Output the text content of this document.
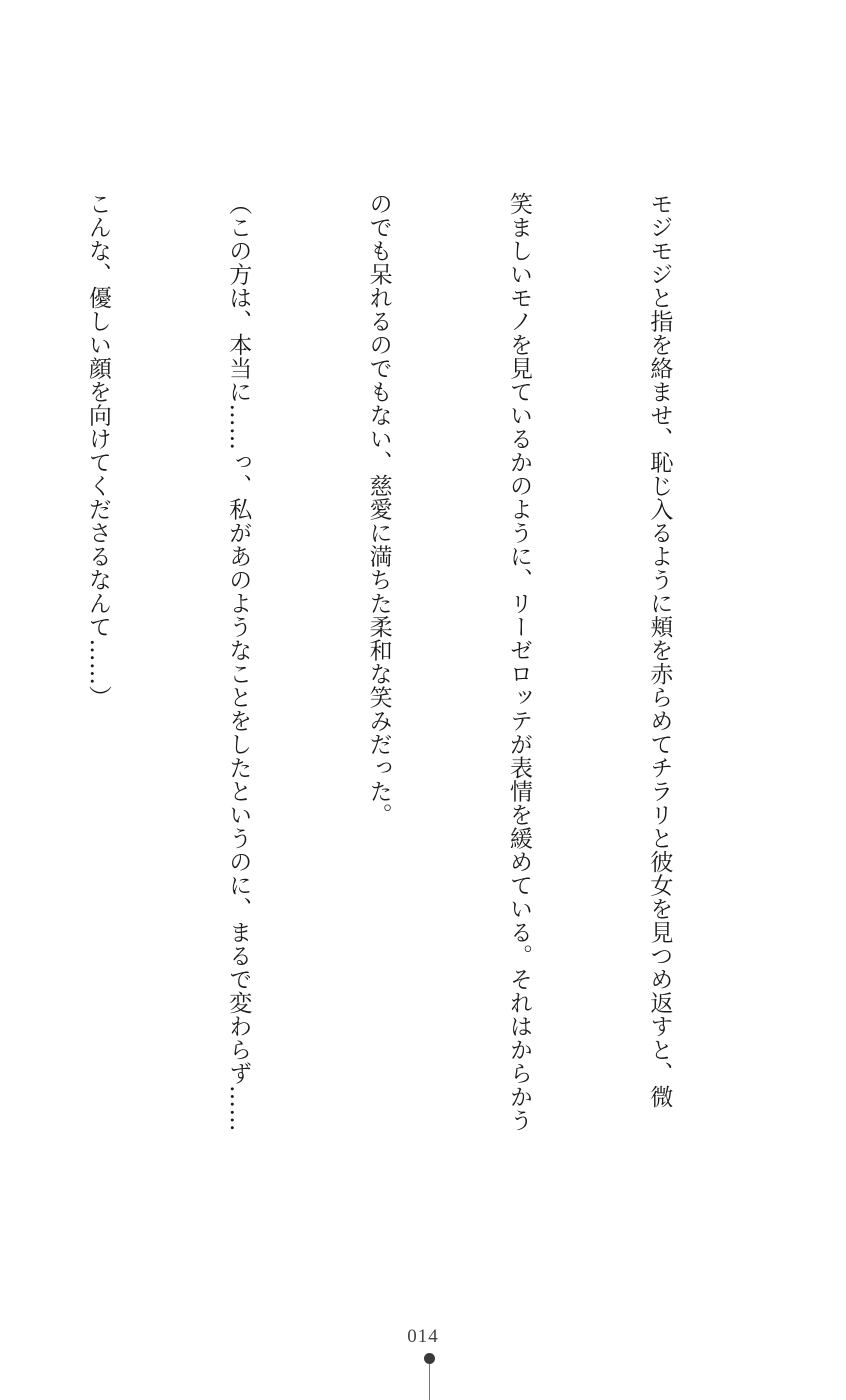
モジモジと指を絡ませ、恥じ入るように頬を赤らめてチラリと彼女を見つめ返すと、微

笑ましいモノを見ているかのように、リーゼロッテが表情を緩めている。それはからかう

のでも呆れるのでもない、慈愛に満ちた柔和な笑みだった。

（この方は、本当に……っ、私があのようなことをしたというのに、まるで変わらず……

こんな、優しい顔を向けてくださるなんて……）

014
